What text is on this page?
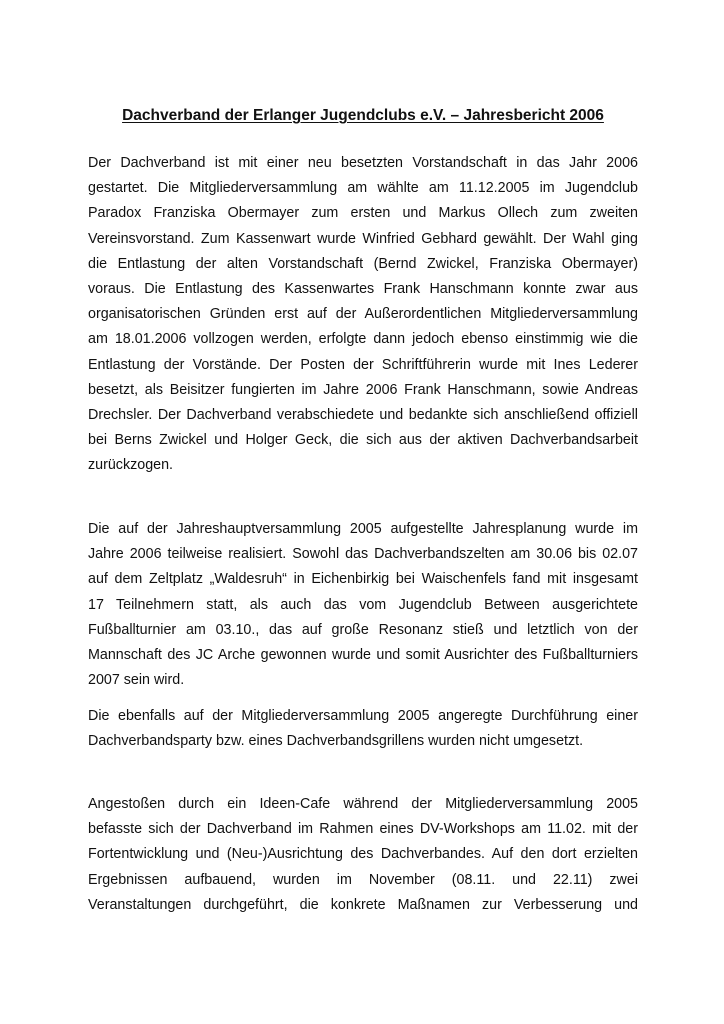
Dachverband der Erlanger Jugendclubs e.V. – Jahresbericht 2006

Der Dachverband ist mit einer neu besetzten Vorstandschaft in das Jahr 2006
gestartet. Die Mitgliederversammlung am wählte am 11.12.2005 im Jugendclub
Paradox Franziska Obermayer zum ersten und Markus Ollech zum zweiten
Vereinsvorstand. Zum Kassenwart wurde Winfried Gebhard gewählt. Der Wahl ging
die Entlastung der alten Vorstandschaft (Bernd Zwickel, Franziska Obermayer)
voraus. Die Entlastung des Kassenwartes Frank Hanschmann konnte zwar aus
organisatorischen Gründen erst auf der Außerordentlichen Mitgliederversammlung
am 18.01.2006 vollzogen werden, erfolgte dann jedoch ebenso einstimmig wie die
Entlastung der Vorstände. Der Posten der Schriftführerin wurde mit Ines Lederer
besetzt, als Beisitzer fungierten im Jahre 2006 Frank Hanschmann, sowie Andreas
Drechsler. Der Dachverband verabschiedete und bedankte sich anschließend offiziell
bei Berns Zwickel und Holger Geck, die sich aus der aktiven Dachverbandsarbeit
zurückzogen.

Die auf der Jahreshauptversammlung 2005 aufgestellte Jahresplanung wurde im
Jahre 2006 teilweise realisiert. Sowohl das Dachverbandszelten am 30.06 bis 02.07
auf dem Zeltplatz „Waldesruh“ in Eichenbirkig bei Waischenfels fand mit insgesamt
17 Teilnehmern statt, als auch das vom Jugendclub Between ausgerichtete
Fußballturnier am 03.10., das auf große Resonanz stieß und letztlich von der
Mannschaft des JC Arche gewonnen wurde und somit Ausrichter des Fußballturniers
2007 sein wird.

Die ebenfalls auf der Mitgliederversammlung 2005 angeregte Durchführung einer
Dachverbandsparty bzw. eines Dachverbandsgrillens wurden nicht umgesetzt.

Angestoßen durch ein Ideen-Cafe während der Mitgliederversammlung 2005
befasste sich der Dachverband im Rahmen eines DV-Workshops am 11.02. mit der
Fortentwicklung und (Neu-)Ausrichtung des Dachverbandes. Auf den dort erzielten
Ergebnissen aufbauend, wurden im November (08.11. und 22.11) zwei
Veranstaltungen durchgeführt, die konkrete Maßnamen zur Verbesserung und
